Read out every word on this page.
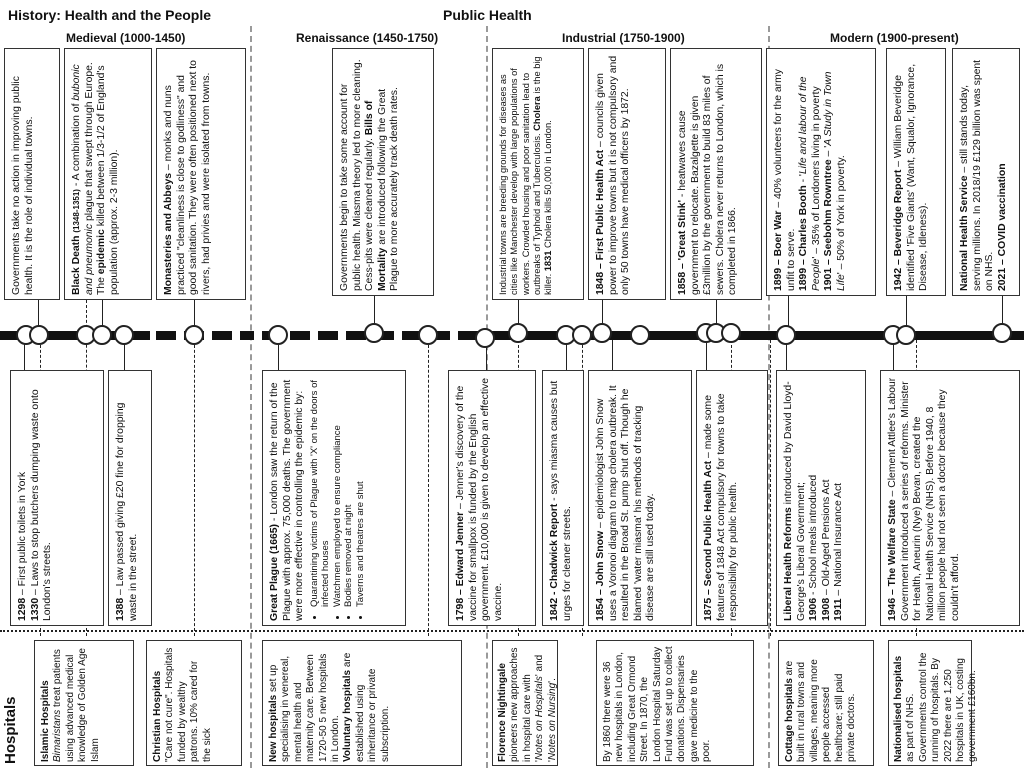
History: Health and the People	Public Health
Medieval (1000-1450)	Renaissance (1450-1750)	Industrial (1750-1900)	Modern (1900-present)
Governments take no action in improving public health. It is the role of individual towns.	Black Death (1348-1351) - A combination of bubonic and pneumonic plague that swept through Europe. The epidemic killed between 1/3-1/2 of England's population (approx. 2-3 million).	Monasteries and Abbeys – monks and nuns practiced "cleanliness is close to godliness" and good sanitation. They were often positioned next to rivers, had privies and were isolated from towns.	Governments begin to take some account for public health. Miasma theory led to more cleaning. Cess-pits were cleaned regularly. Bills of Mortality are introduced following the Great Plague to more accurately track death rates.	Industrial towns are breeding grounds for diseases as cities like Manchester develop with large populations of workers. Crowded housing and poor sanitation lead to outbreaks of Typhoid and Tuberculosis. Cholera is the big killer. 1831 Cholera kills 50,000 in London.	1848 – First Public Health Act – councils given power to improve towns but it is not compulsory and only 50 towns have medical officers by 1872.	1858 – 'Great Stink' - heatwaves cause government to relocate. Bazalgette is given £3million by the government to build 83 miles of sewers. Cholera never returns to London, which is completed in 1866.	1899 – Boer War – 40% volunteers for the army unfit to serve. 1899 – Charles Booth - 'Life and labour of the People' – 35% of Londoners living in poverty 1901 – Seebohm Rowntree – 'A Study in Town Life' – 50% of York in poverty.	1942 – Beveridge Report – William Beveridge identified 'Five Giants' (Want, Squalor, Ignorance, Disease, Idleness).	National Health Service – still stands today, serving millions. In 2018/19 £129 billion was spent on NHS. 2021 – COVID vaccination
1298 – First public toilets in York
1330 – Laws to stop butchers dumping waste onto London's streets.	1388 – Law passed giving £20 fine for dropping waste in the street.	Great Plague (1665) - London saw the return of the Plague with approx. 75,000 deaths. The government were more effective in controlling the epidemic by: • Quarantining victims of Plague with 'X' on the doors of infected houses • Watchmen employed to ensure compliance • Bodies removed at night • Taverns and theatres are shut	1798 – Edward Jenner – Jenner's discovery of the vaccine for smallpox is funded by the English government. £10,000 is given to develop an effective vaccine.	1842 - Chadwick Report - says miasma causes but urges for cleaner streets. 1854 – John Snow – epidemiologist John Snow uses a Voronoi diagram to map cholera outbreak. It resulted in the Broad St. pump shut off. Though he blamed 'water miasma' his methods of tracking disease are still used today.	1875 – Second Public Health Act – made some features of 1848 Act compulsory for towns to take responsibility for public health.	Liberal Health Reforms introduced by David Lloyd-George's Liberal Government; 1906 - School meals introduced
1908 – Old-Aged Pensions Act
1911 – National Insurance Act	1946 – The Welfare State – Clement Attlee's Labour Government introduced a series of reforms. Minister for Health, Aneurin (Nye) Bevan, created the National Health Service (NHS). Before 1940, 8 million people had not seen a doctor because they couldn't afford.
Hospitals Islamic Hospitals
Bimaristans treat patients using advanced medical knowledge of Golden Age Islam	Christian Hospitals
"Care not cure". Hospitals funded by wealthy patrons. 10% cared for the sick	New hospitals set up specialising in venereal, mental health and maternity care. Between 1720-50 5 new hospitals in London.
Voluntary hospitals are established using inheritance or private subscription.	Florence Nightingale pioneers new approaches in hospital care with 'Notes on Hospitals' and 'Notes on Nursing'.	By 1860 there were 36 new hospitals in London, including Great Ormond Street. In 1870, the London Hospital Saturday Fund was set up to collect donations. Dispensaries gave medicine to the poor.	Cottage hospitals are built in rural towns and villages, meaning more people accessed healthcare; still paid private doctors.	Nationalised hospitals as part of NHS. Governments control the running of hospitals. By 2022 there are 1,250 hospitals in UK, costing government £160bn.
